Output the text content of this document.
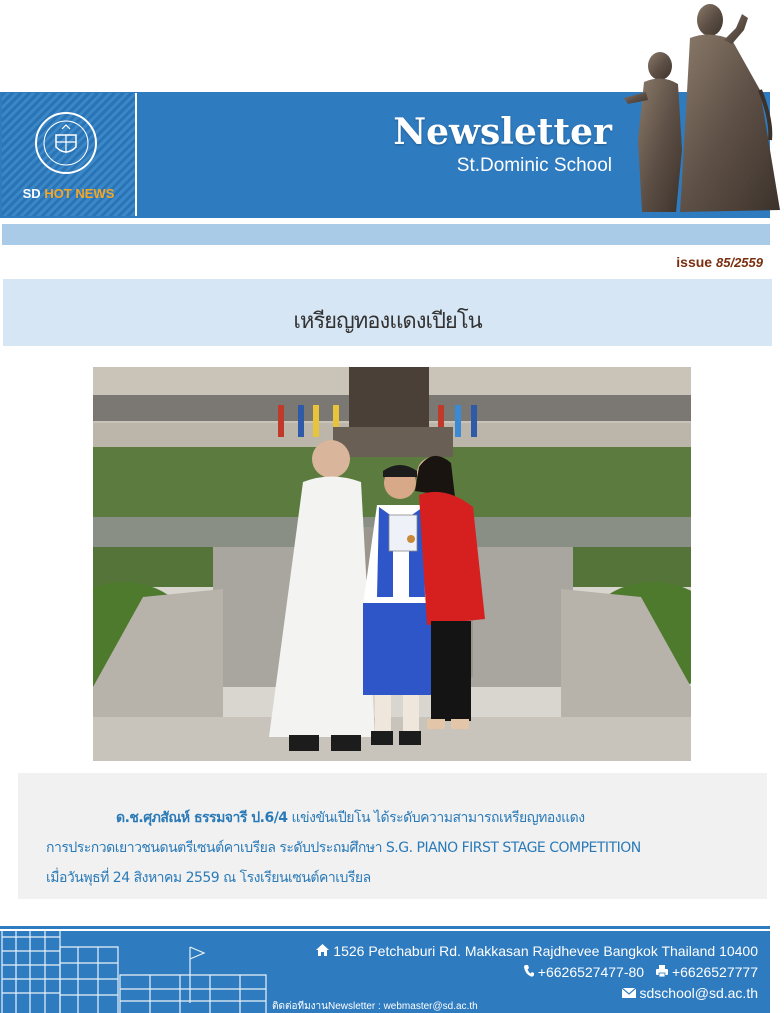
SD HOT NEWS
Newsletter
St.Dominic School
issue 85/2559
เหรียญทองแดงเปียโน
ด.ช.ศุภสัณห์ ธรรมจารี ป.6/4 แข่งขันเปียโน ได้ระดับความสามารถเหรียญทองแดง
การประกวดเยาวชนดนตรีเซนต์คาเบรียล ระดับประถมศึกษา S.G. PIANO FIRST STAGE COMPETITION
เมื่อวันพุธที่ 24 สิงหาคม 2559 ณ โรงเรียนเซนต์คาเบรียล
1526 Petchaburi Rd. Makkasan Rajdhevee Bangkok Thailand 10400
+6626527477-80 +6626527777
sdschool@sd.ac.th
ติดต่อทีมงานNewsletter : webmaster@sd.ac.th
